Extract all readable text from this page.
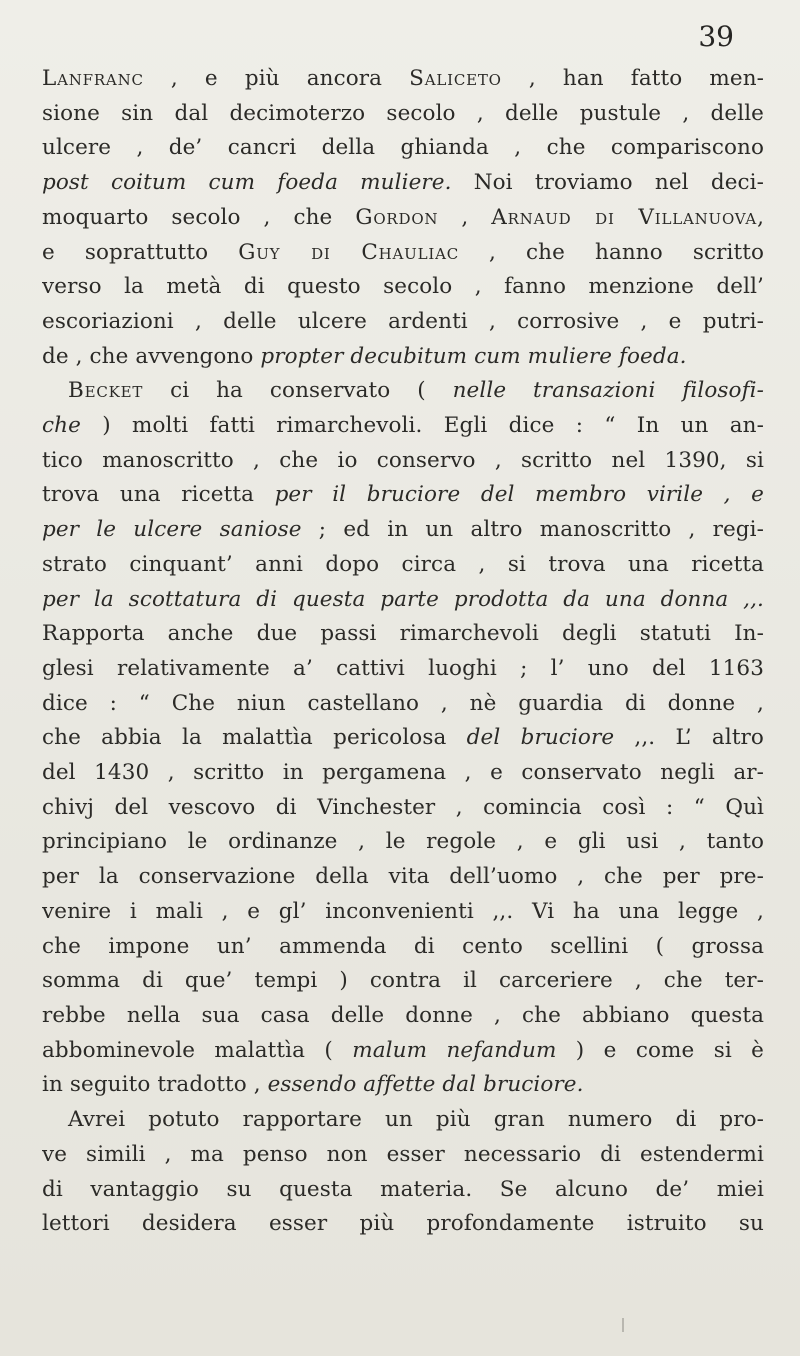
39
Lanfranc , e più ancora Saliceto , han fatto men-
sione sin dal decimoterzo secolo , delle pustule , delle
ulcere , de’ cancri della ghianda , che compariscono
post coitum cum foeda muliere. Noi troviamo nel deci-
moquarto secolo , che Gordon , Arnaud di Villanuova,
e soprattutto Guy di Chauliac , che hanno scritto
verso la metà di questo secolo , fanno menzione dell’
escoriazioni , delle ulcere ardenti , corrosive , e putri-
de , che avvengono propter decubitum cum muliere foeda.
Becket ci ha conservato ( nelle transazioni filosofi-
che ) molti fatti rimarchevoli. Egli dice : “ In un an-
tico manoscritto , che io conservo , scritto nel 1390, si
trova una ricetta per il bruciore del membro virile , e
per le ulcere saniose ; ed in un altro manoscritto , regi-
strato cinquant’ anni dopo circa , si trova una ricetta
per la scottatura di questa parte prodotta da una donna ,,.
Rapporta anche due passi rimarchevoli degli statuti In-
glesi relativamente a’ cattivi luoghi ; l’ uno del 1163
dice : “ Che niun castellano , nè guardia di donne ,
che abbia la malattìa pericolosa del bruciore ,,. L’ altro
del 1430 , scritto in pergamena , e conservato negli ar-
chivj del vescovo di Vinchester , comincia così : “ Quì
principiano le ordinanze , le regole , e gli usi , tanto
per la conservazione della vita dell’uomo , che per pre-
venire i mali , e gl’ inconvenienti ,,. Vi ha una legge ,
che impone un’ ammenda di cento scellini ( grossa
somma di que’ tempi ) contra il carceriere , che ter-
rebbe nella sua casa delle donne , che abbiano questa
abbominevole malattìa ( malum nefandum ) e come si è
in seguito tradotto , essendo affette dal bruciore.
Avrei potuto rapportare un più gran numero di pro-
ve simili , ma penso non esser necessario di estendermi
di vantaggio su questa materia. Se alcuno de’ miei
lettori desidera esser più profondamente istruito su
